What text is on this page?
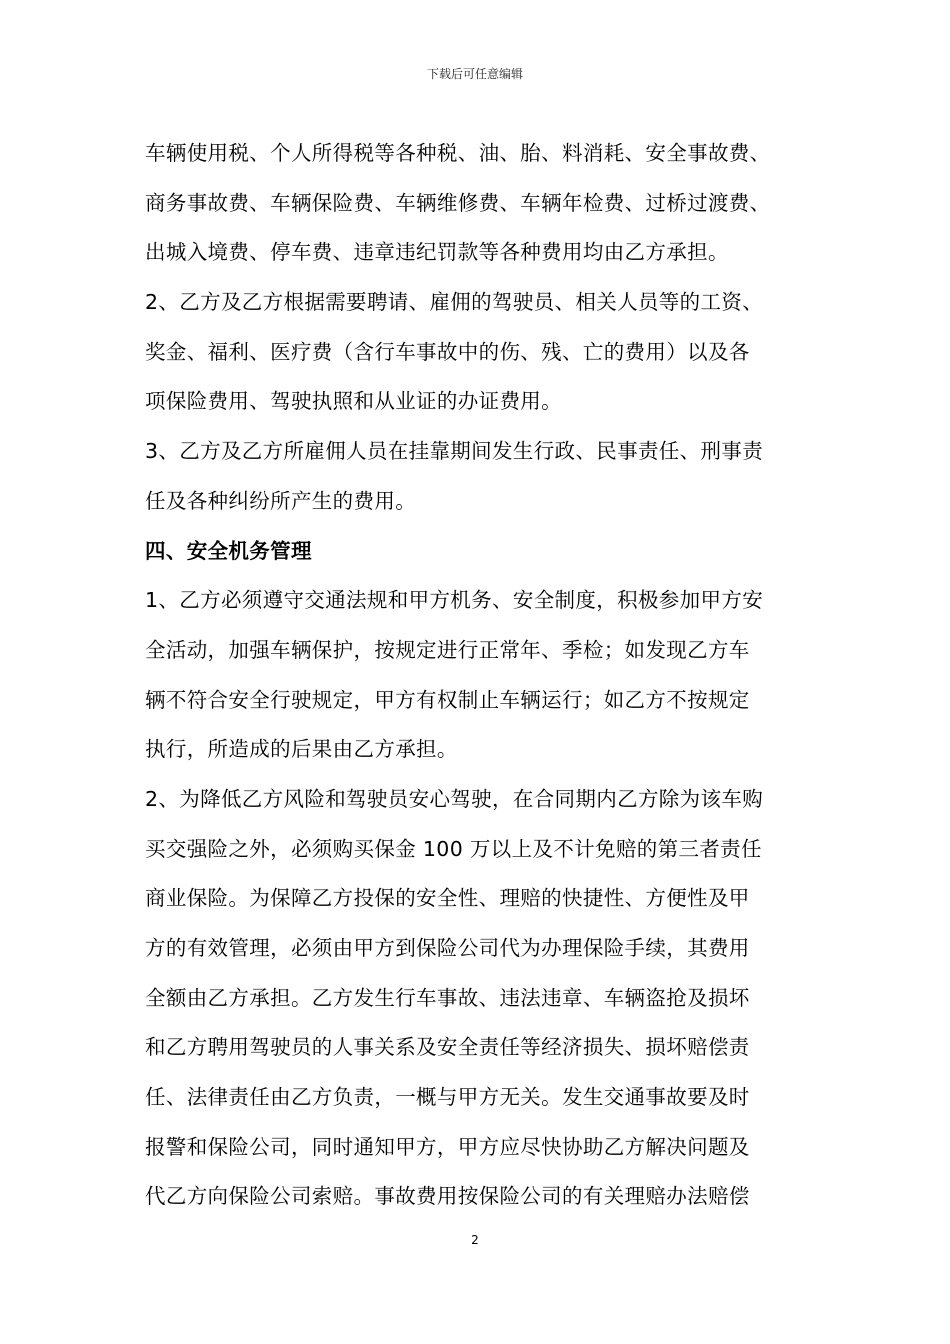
下载后可任意编辑
车辆使用税、个人所得税等各种税、油、胎、料消耗、安全事故费、
商务事故费、车辆保险费、车辆维修费、车辆年检费、过桥过渡费、
出城入境费、停车费、违章违纪罚款等各种费用均由乙方承担。
2、乙方及乙方根据需要聘请、雇佣的驾驶员、相关人员等的工资、
奖金、福利、医疗费（含行车事故中的伤、残、亡的费用）以及各
项保险费用、驾驶执照和从业证的办证费用。
3、乙方及乙方所雇佣人员在挂靠期间发生行政、民事责任、刑事责
任及各种纠纷所产生的费用。
四、安全机务管理
1、乙方必须遵守交通法规和甲方机务、安全制度，积极参加甲方安
全活动，加强车辆保护，按规定进行正常年、季检；如发现乙方车
辆不符合安全行驶规定，甲方有权制止车辆运行；如乙方不按规定
执行，所造成的后果由乙方承担。
2、为降低乙方风险和驾驶员安心驾驶，在合同期内乙方除为该车购
买交强险之外，必须购买保金 100 万以上及不计免赔的第三者责任
商业保险。为保障乙方投保的安全性、理赔的快捷性、方便性及甲
方的有效管理，必须由甲方到保险公司代为办理保险手续，其费用
全额由乙方承担。乙方发生行车事故、违法违章、车辆盗抢及损坏
和乙方聘用驾驶员的人事关系及安全责任等经济损失、损坏赔偿责
任、法律责任由乙方负责，一概与甲方无关。发生交通事故要及时
报警和保险公司，同时通知甲方，甲方应尽快协助乙方解决问题及
代乙方向保险公司索赔。事故费用按保险公司的有关理赔办法赔偿
2
